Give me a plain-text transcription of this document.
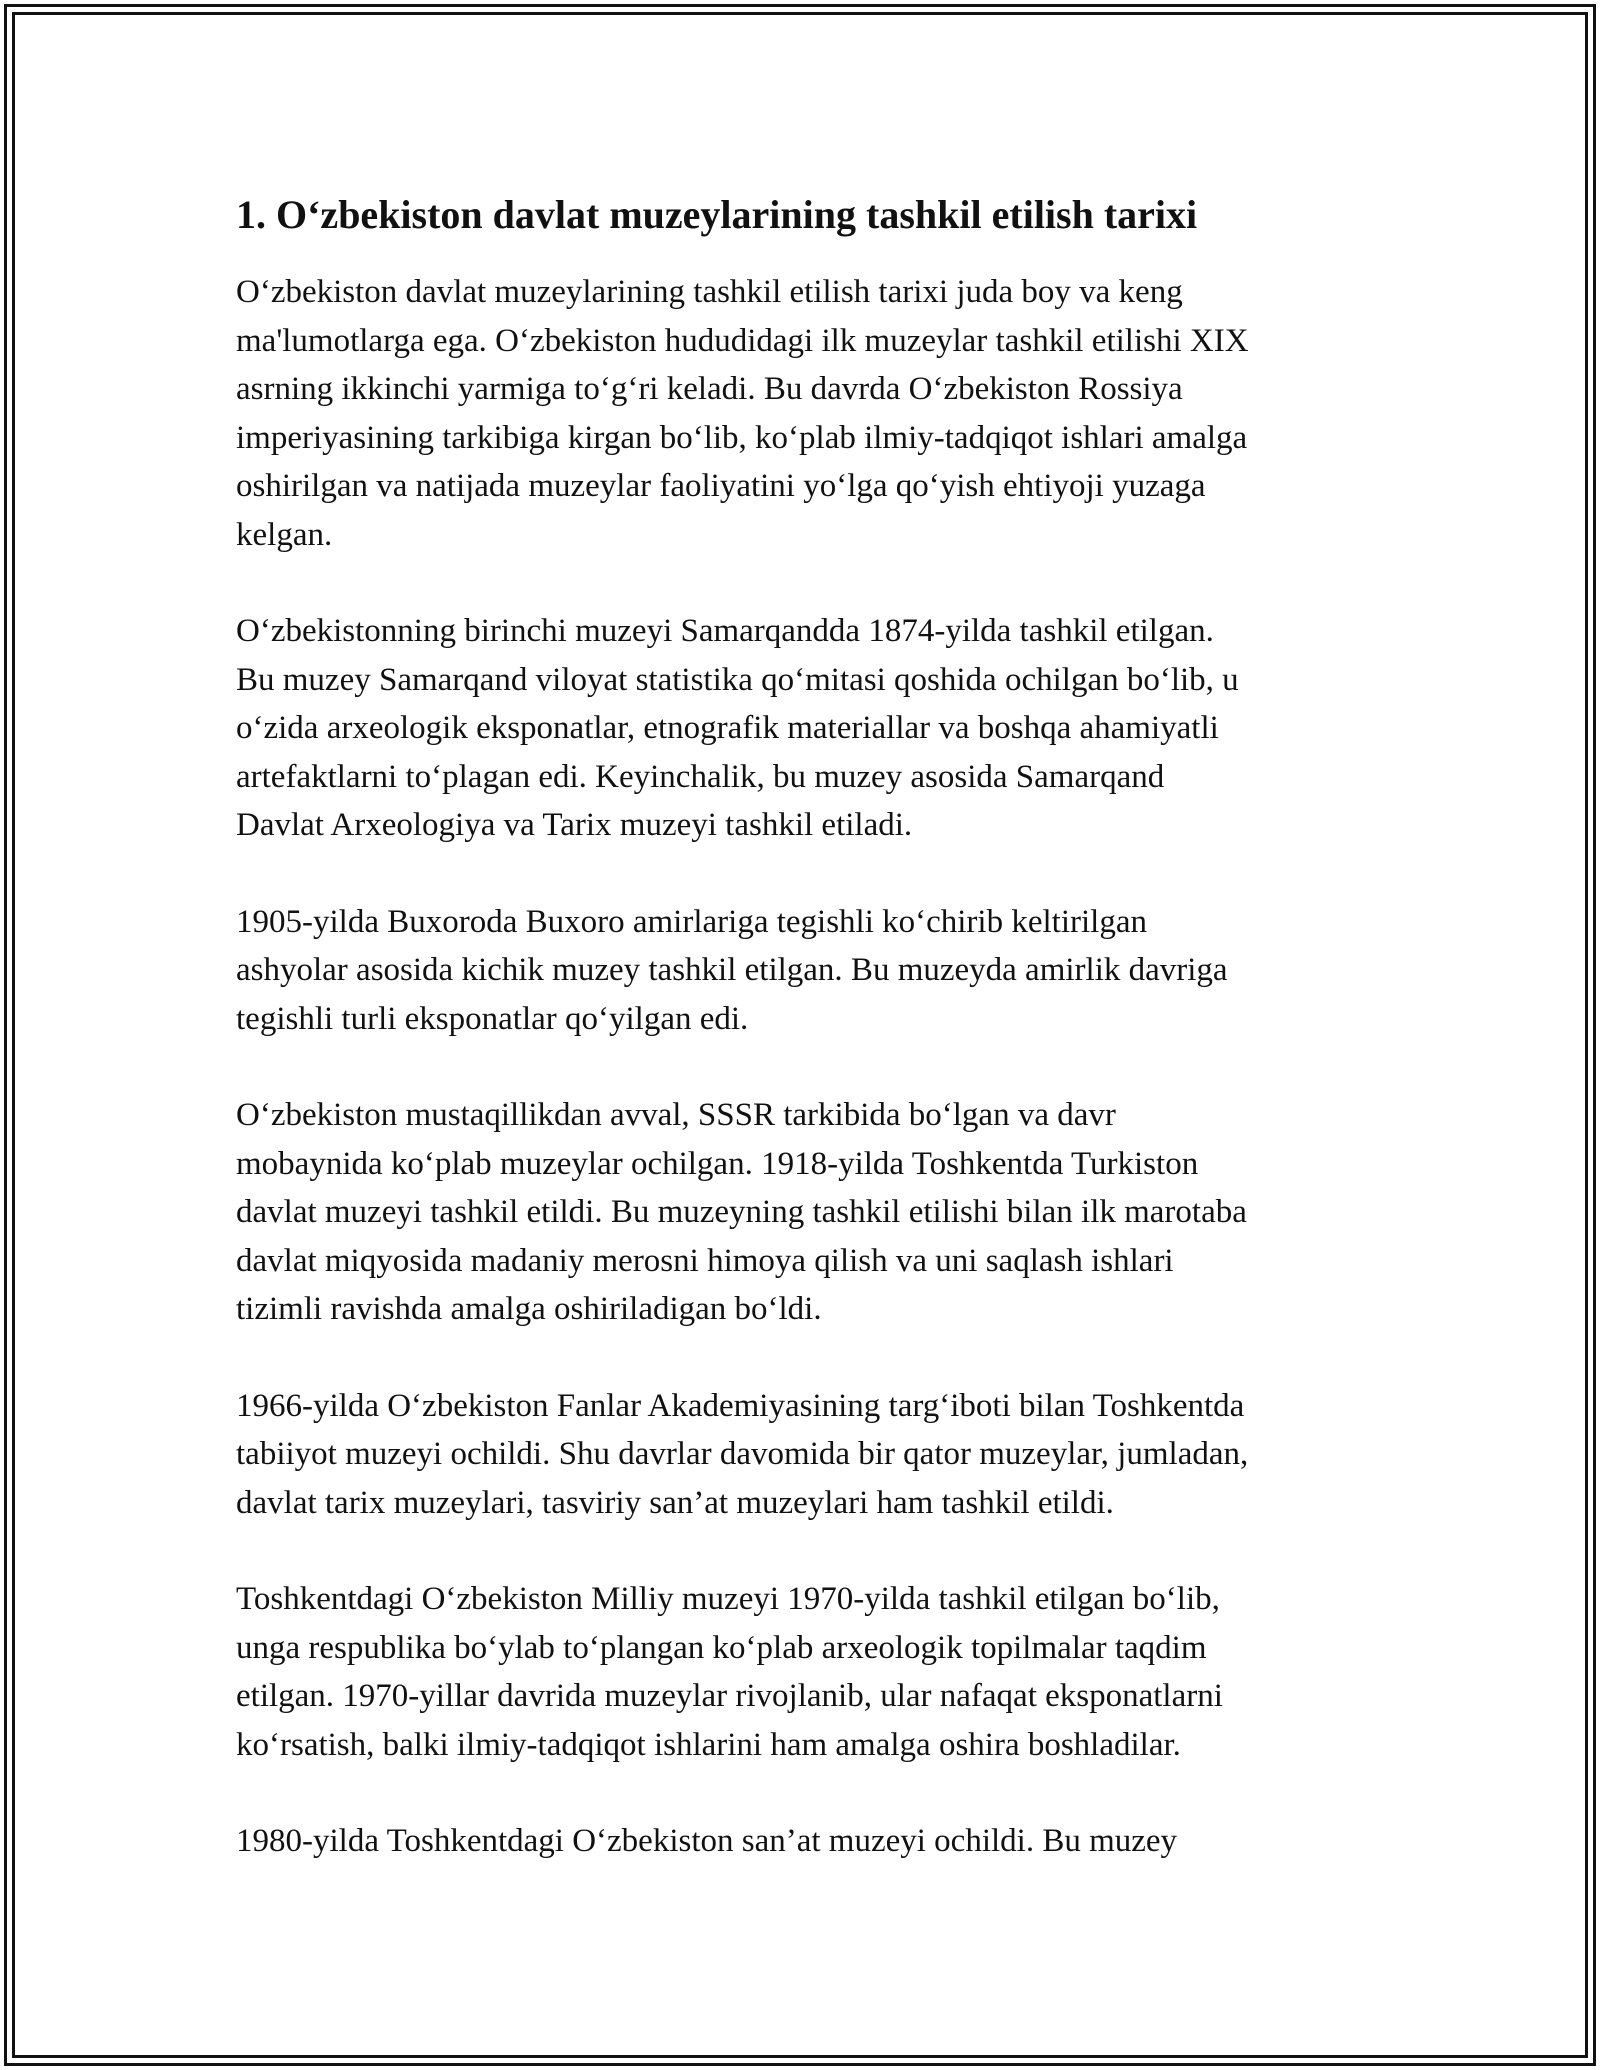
1. O‘zbekiston davlat muzeylarining tashkil etilish tarixi
O‘zbekiston davlat muzeylarining tashkil etilish tarixi juda boy va keng
ma'lumotlarga ega. O‘zbekiston hududidagi ilk muzeylar tashkil etilishi XIX
asrning ikkinchi yarmiga to‘g‘ri keladi. Bu davrda O‘zbekiston Rossiya
imperiyasining tarkibiga kirgan bo‘lib, ko‘plab ilmiy-tadqiqot ishlari amalga
oshirilgan va natijada muzeylar faoliyatini yo‘lga qo‘yish ehtiyoji yuzaga
kelgan.
O‘zbekistonning birinchi muzeyi Samarqandda 1874-yilda tashkil etilgan.
Bu muzey Samarqand viloyat statistika qo‘mitasi qoshida ochilgan bo‘lib, u
o‘zida arxeologik eksponatlar, etnografik materiallar va boshqa ahamiyatli
artefaktlarni to‘plagan edi. Keyinchalik, bu muzey asosida Samarqand
Davlat Arxeologiya va Tarix muzeyi tashkil etiladi.
1905-yilda Buxoroda Buxoro amirlariga tegishli ko‘chirib keltirilgan
ashyolar asosida kichik muzey tashkil etilgan. Bu muzeyda amirlik davriga
tegishli turli eksponatlar qo‘yilgan edi.
O‘zbekiston mustaqillikdan avval, SSSR tarkibida bo‘lgan va davr
mobaynida ko‘plab muzeylar ochilgan. 1918-yilda Toshkentda Turkiston
davlat muzeyi tashkil etildi. Bu muzeyning tashkil etilishi bilan ilk marotaba
davlat miqyosida madaniy merosni himoya qilish va uni saqlash ishlari
tizimli ravishda amalga oshiriladigan bo‘ldi.
1966-yilda O‘zbekiston Fanlar Akademiyasining targ‘iboti bilan Toshkentda
tabiiyot muzeyi ochildi. Shu davrlar davomida bir qator muzeylar, jumladan,
davlat tarix muzeylari, tasviriy san’at muzeylari ham tashkil etildi.
Toshkentdagi O‘zbekiston Milliy muzeyi 1970-yilda tashkil etilgan bo‘lib,
unga respublika bo‘ylab to‘plangan ko‘plab arxeologik topilmalar taqdim
etilgan. 1970-yillar davrida muzeylar rivojlanib, ular nafaqat eksponatlarni
ko‘rsatish, balki ilmiy-tadqiqot ishlarini ham amalga oshira boshladilar.
1980-yilda Toshkentdagi O‘zbekiston san’at muzeyi ochildi. Bu muzey
